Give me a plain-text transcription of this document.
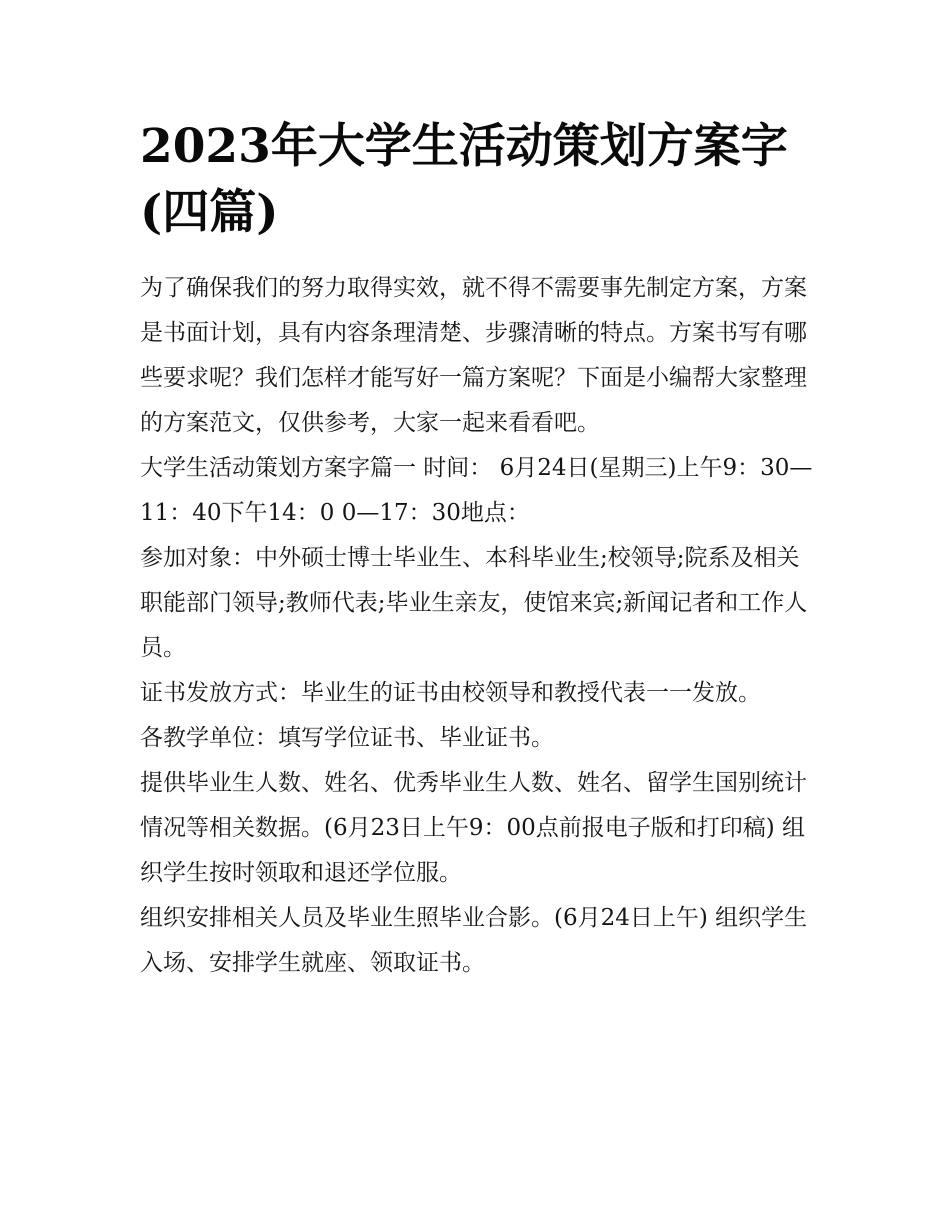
2023年大学生活动策划方案字(四篇)

为了确保我们的努力取得实效，就不得不需要事先制定方案，方案是书面计划，具有内容条理清楚、步骤清晰的特点。方案书写有哪些要求呢？我们怎样才能写好一篇方案呢？下面是小编帮大家整理的方案范文，仅供参考，大家一起来看看吧。

大学生活动策划方案字篇一 时间： 6月24日(星期三)上午9：30—11：40下午14：0 0—17：30地点：

参加对象：中外硕士博士毕业生、本科毕业生;校领导;院系及相关职能部门领导;教师代表;毕业生亲友，使馆来宾;新闻记者和工作人员。

证书发放方式：毕业生的证书由校领导和教授代表一一发放。

各教学单位：填写学位证书、毕业证书。

提供毕业生人数、姓名、优秀毕业生人数、姓名、留学生国别统计情况等相关数据。(6月23日上午9：00点前报电子版和打印稿) 组织学生按时领取和退还学位服。

组织安排相关人员及毕业生照毕业合影。(6月24日上午) 组织学生入场、安排学生就座、领取证书。
